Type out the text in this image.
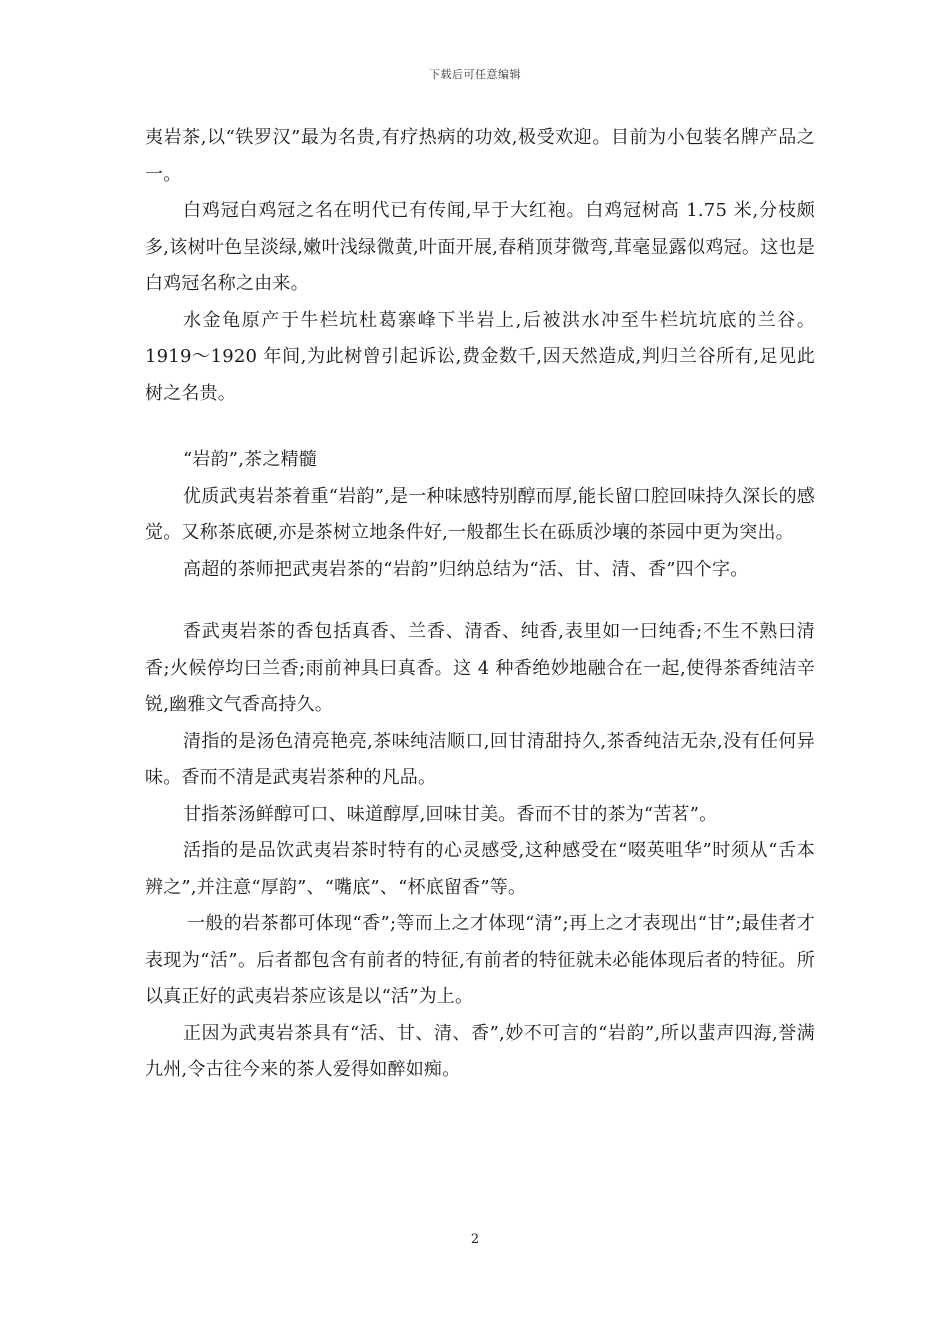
下载后可任意编辑

夷岩茶,以“铁罗汉”最为名贵,有疗热病的功效,极受欢迎。目前为小包装名牌产品之一。

白鸡冠白鸡冠之名在明代已有传闻,早于大红袍。白鸡冠树高 1.75 米,分枝颇多,该树叶色呈淡绿,嫩叶浅绿微黄,叶面开展,春稍顶芽微弯,茸毫显露似鸡冠。这也是白鸡冠名称之由来。

水金龟原产于牛栏坑杜葛寨峰下半岩上,后被洪水冲至牛栏坑坑底的兰谷。1919～1920 年间,为此树曾引起诉讼,费金数千,因天然造成,判归兰谷所有,足见此树之名贵。

“岩韵”,茶之精髓

优质武夷岩茶着重“岩韵”,是一种味感特别醇而厚,能长留口腔回味持久深长的感觉。又称茶底硬,亦是茶树立地条件好,一般都生长在砾质沙壤的茶园中更为突出。

高超的茶师把武夷岩茶的“岩韵”归纳总结为“活、甘、清、香”四个字。

香武夷岩茶的香包括真香、兰香、清香、纯香,表里如一曰纯香;不生不熟曰清香;火候停均曰兰香;雨前神具曰真香。这 4 种香绝妙地融合在一起,使得茶香纯洁辛锐,幽雅文气香高持久。

清指的是汤色清亮艳亮,茶味纯洁顺口,回甘清甜持久,茶香纯洁无杂,没有任何异味。香而不清是武夷岩茶种的凡品。

甘指茶汤鲜醇可口、味道醇厚,回味甘美。香而不甘的茶为“苦茗”。

活指的是品饮武夷岩茶时特有的心灵感受,这种感受在“啜英咀华”时须从“舌本辨之”,并注意“厚韵”、“嘴底”、“杯底留香”等。

一般的岩茶都可体现“香”;等而上之才体现“清”;再上之才表现出“甘”;最佳者才表现为“活”。后者都包含有前者的特征,有前者的特征就未必能体现后者的特征。所以真正好的武夷岩茶应该是以“活”为上。

正因为武夷岩茶具有“活、甘、清、香”,妙不可言的“岩韵”,所以蜚声四海,誉满九州,令古往今来的茶人爱得如醉如痴。

2
